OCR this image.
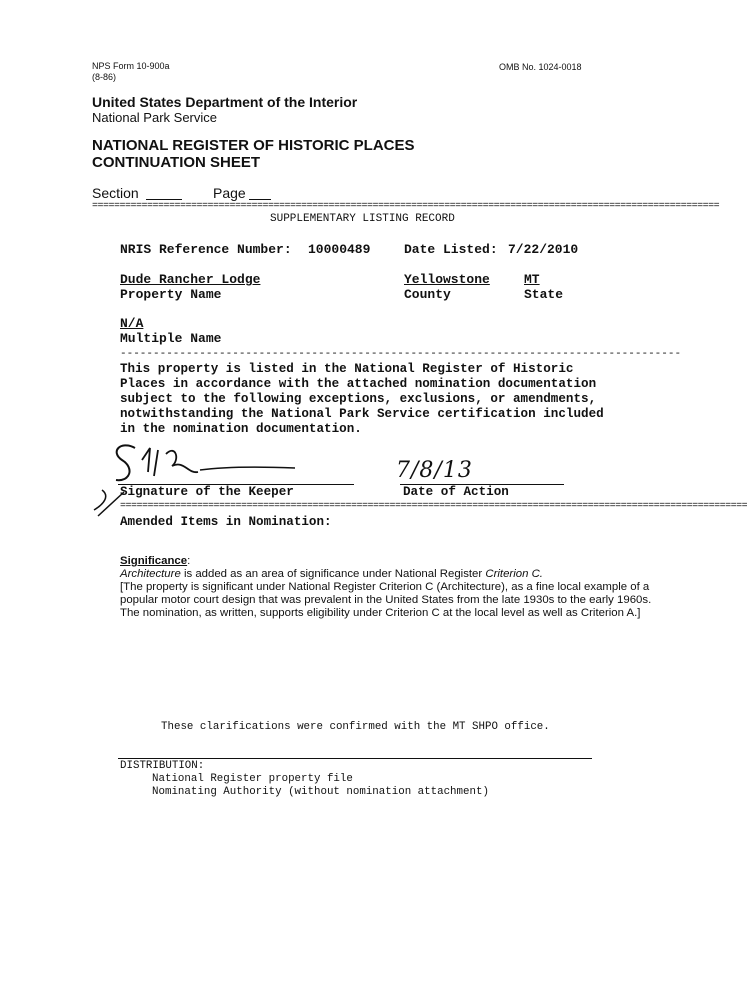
NPS Form 10-900a
(8-86)
OMB No. 1024-0018
United States Department of the Interior
National Park Service
NATIONAL REGISTER OF HISTORIC PLACES
CONTINUATION SHEET
Section	Page
==================================================================================================================
SUPPLEMENTARY LISTING RECORD
NRIS Reference Number: 10000489	Date Listed: 7/22/2010
Dude Rancher Lodge
Property Name
Yellowstone
County
MT
State
N/A
Multiple Name
-------------------------------------------------------------------------------------
This property is listed in the National Register of Historic
Places in accordance with the attached nomination documentation
subject to the following exceptions, exclusions, or amendments,
notwithstanding the National Park Service certification included
in the nomination documentation.
Signature of the Keeper
7/8/13
Date of Action
==================================================================================================================
Amended Items in Nomination:
Significance:
Architecture is added as an area of significance under National Register Criterion C.
[The property is significant under National Register Criterion C (Architecture), as a fine local example of a
popular motor court design that was prevalent in the United States from the late 1930s to the early 1960s.
The nomination, as written, supports eligibility under Criterion C at the local level as well as Criterion A.]
These clarifications were confirmed with the MT SHPO office.
DISTRIBUTION:
National Register property file
Nominating Authority (without nomination attachment)
